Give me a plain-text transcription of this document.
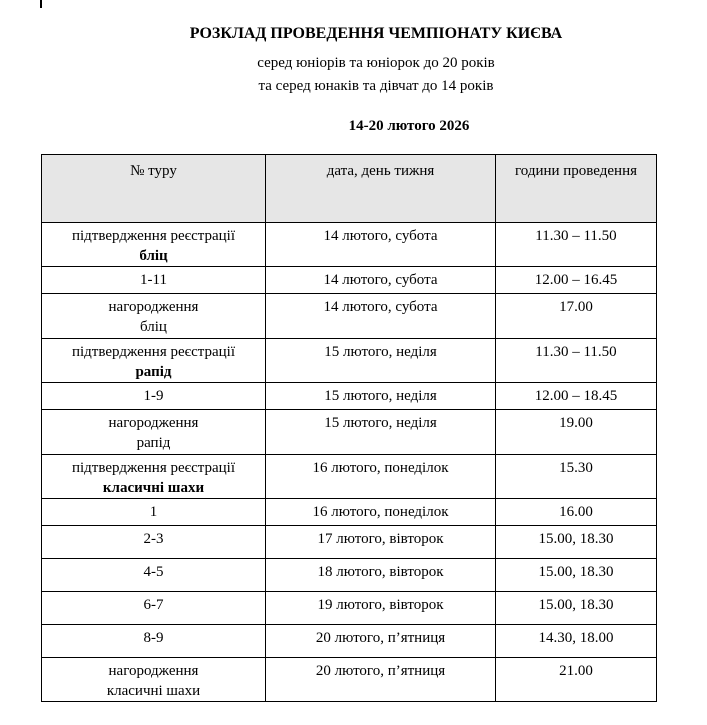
РОЗКЛАД ПРОВЕДЕННЯ ЧЕМПІОНАТУ КИЄВА

серед юніорів та юніорок до 20 років

та серед юнаків та дівчат до 14 років

14-20 лютого 2026

№ туру	дата, день тижня	години проведення

підтвердження реєстрації
бліц	14 лютого, субота	11.30 – 11.50
1-11	14 лютого, субота	12.00 – 16.45

нагородження
бліц	14 лютого, субота	17.00

підтвердження реєстрації
рапід	15 лютого, неділя	11.30 – 11.50
1-9	15 лютого, неділя	12.00 – 18.45

нагородження
рапід	15 лютого, неділя	19.00

підтвердження реєстрації
класичні шахи	16 лютого, понеділок	15.30
1	16 лютого, понеділок	16.00
2-3	17 лютого, вівторок	15.00, 18.30
4-5	18 лютого, вівторок	15.00, 18.30
6-7	19 лютого, вівторок	15.00, 18.30
8-9	20 лютого, п’ятниця	14.30, 18.00

нагородження
класичні шахи	20 лютого, п’ятниця	21.00
